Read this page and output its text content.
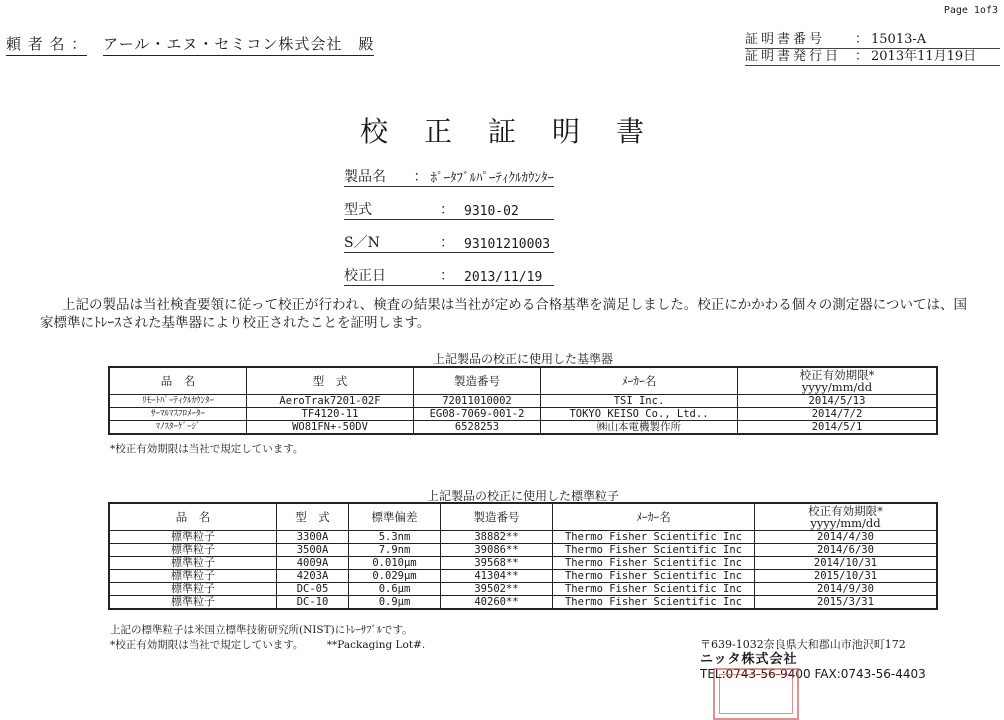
Page 1of3
頼 者 名 ： アール・エヌ・セミコン株式会社　殿	証明書番号	： 15013-A
証明書発行日	： 2013年11月19日
校正証明書
製品名	： ﾎﾟｰﾀﾌﾞﾙﾊﾟｰﾃｨｸﾙｶｳﾝﾀｰ
型式	： 9310-02
S／N	： 93101210003
校正日	： 2013/11/19
上記の製品は当社検査要領に従って校正が行われ、検査の結果は当社が定める合格基準を満足しました。校正にかかわる個々の測定器については、国家標準にﾄﾚｰｽされた基準器により校正されたことを証明します。
上記製品の校正に使用した基準器
品　名	型　式	製造番号	ﾒｰｶｰ名	校正有効期限*
yyyy/mm/dd
ﾘﾓｰﾄﾊﾟｰﾃｨｸﾙｶｳﾝﾀｰ	AeroTrak7201-02F	72011010002	TSI Inc.	2014/5/13
ｻｰﾏﾙﾏｽﾌﾛﾒｰﾀｰ	TF4120-11	EG08-7069-001-2	TOKYO KEISO Co., Ltd..	2014/7/2
ﾏﾉｽﾀｰｹﾞｰｼﾞ	WO81FN+-50DV	6528253	㈱山本電機製作所	2014/5/1
*校正有効期限は当社で規定しています。
上記製品の校正に使用した標準粒子
品　名	型　式	標準偏差	製造番号	ﾒｰｶｰ名	校正有効期限*
yyyy/mm/dd
標準粒子	3300A	5.3nm	38882**	Thermo Fisher Scientific Inc	2014/4/30
標準粒子	3500A	7.9nm	39086**	Thermo Fisher Scientific Inc	2014/6/30
標準粒子	4009A	0.010μm	39568**	Thermo Fisher Scientific Inc	2014/10/31
標準粒子	4203A	0.029μm	41304**	Thermo Fisher Scientific Inc	2015/10/31
標準粒子	DC-05	0.6μm	39502**	Thermo Fisher Scientific Inc	2014/9/30
標準粒子	DC-10	0.9μm	40260**	Thermo Fisher Scientific Inc	2015/3/31
上記の標準粒子は米国立標準技術研究所(NIST)にﾄﾚｰｻﾌﾞﾙです。
*校正有効期限は当社で規定しています。 **Packaging Lot#.	〒639-1032奈良県大和郡山市池沢町172
ニッタ株式会社
TEL:0743-56-9400 FAX:0743-56-4403
